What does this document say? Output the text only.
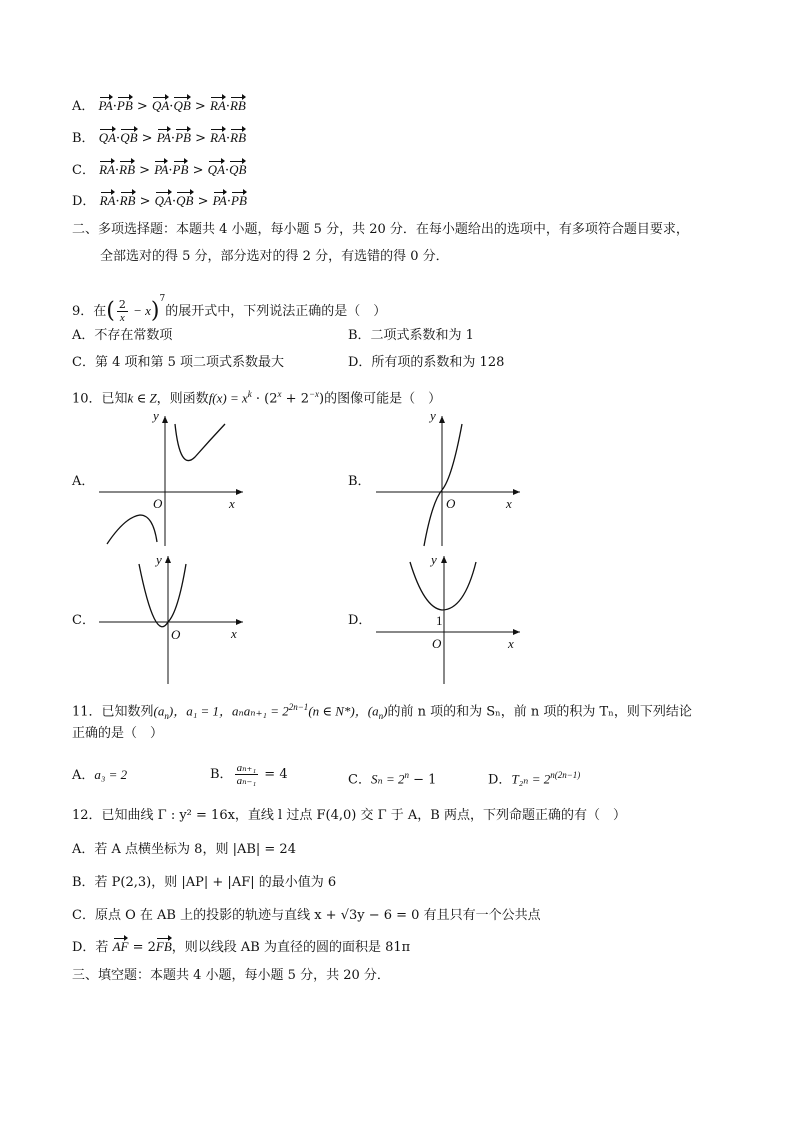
A． PA·PB > QA·QB > RA·RB
B． QA·QB > PA·PB > RA·RB
C． RA·RB > PA·PB > QA·QB
D． RA·RB > QA·QB > PA·PB
二、多项选择题：本题共 4 小题，每小题 5 分，共 20 分．在每小题给出的选项中，有多项符合题目要求，
全部选对的得 5 分，部分选对的得 2 分，有选错的得 0 分．
9．在( $\frac{2}{x} - x)^7$的展开式中，下列说法正确的是（　）
A．不存在常数项	B．二项式系数和为 1
C．第 4 项和第 5 项二项式系数最大	D．所有项的系数和为 128
10．已知k ∈ Z，则函数$f(x) = x^k \cdot (2^x + 2^{-x})$的图像可能是（　）
A．
y
x
O
B．
y
x
O
C．
y
x
O
D．
y
x
O
1
11．已知数列$(a_n)$，a₁ = 1，$a_na_{n+1} = 2^{2n-1}(n$ ∈ N*)，$(a_n)$的前 n 项的和为 Sₙ，前 n 项的积为 Tₙ，则下列结论
正确的是（　）
A．a₃ = 2	B． $\frac{\text{aₙ₊₁}}{\text{aₙ₋₁}} = 4$	C．$S_n = 2^n - 1$	D．$T_{2n} = 2^{n(2n-1)}$
12．已知曲线 Γ : y² = 16x，直线 l 过点 F(4,0) 交 Γ 于 A，B 两点，下列命题正确的有（　）
A．若 A 点横坐标为 8，则 |AB| = 24
B．若 P(2,3)，则 |AP| + |AF| 的最小值为 6
C．原点 O 在 AB 上的投影的轨迹与直线 x + √3y − 6 = 0 有且只有一个公共点
D．若 AF = 2FB，则以线段 AB 为直径的圆的面积是 81π
三、填空题：本题共 4 小题，每小题 5 分，共 20 分．
